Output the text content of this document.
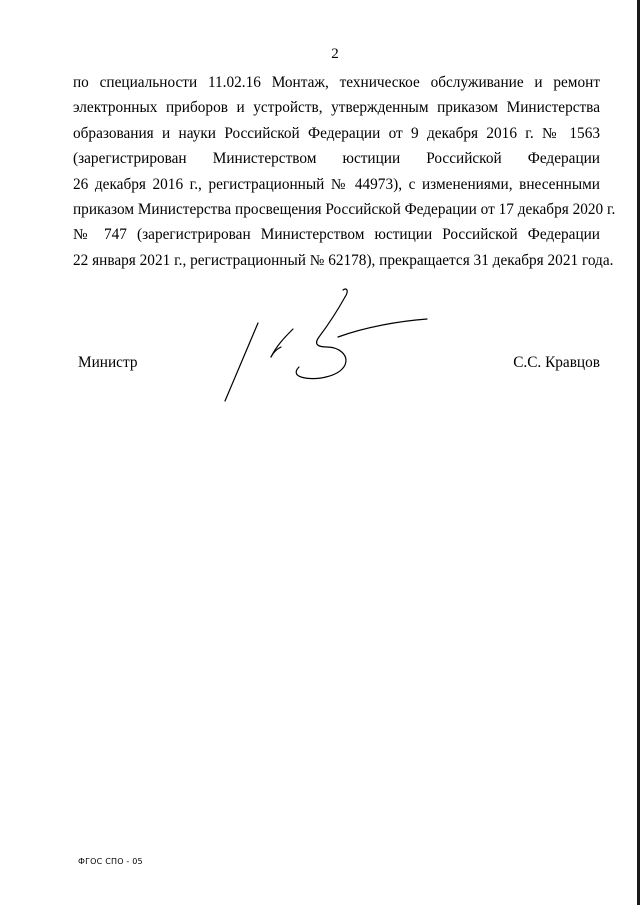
2
по специальности 11.02.16 Монтаж, техническое обслуживание и ремонт
электронных приборов и устройств, утвержденным приказом Министерства
образования и науки Российской Федерации от 9 декабря 2016 г. № 1563
(зарегистрирован Министерством юстиции Российской Федерации
26 декабря 2016 г., регистрационный № 44973), с изменениями, внесенными
приказом Министерства просвещения Российской Федерации от 17 декабря 2020 г.
№ 747 (зарегистрирован Министерством юстиции Российской Федерации
22 января 2021 г., регистрационный № 62178), прекращается 31 декабря 2021 года.
Министр	С.С. Кравцов
ФГОС СПО - 05
